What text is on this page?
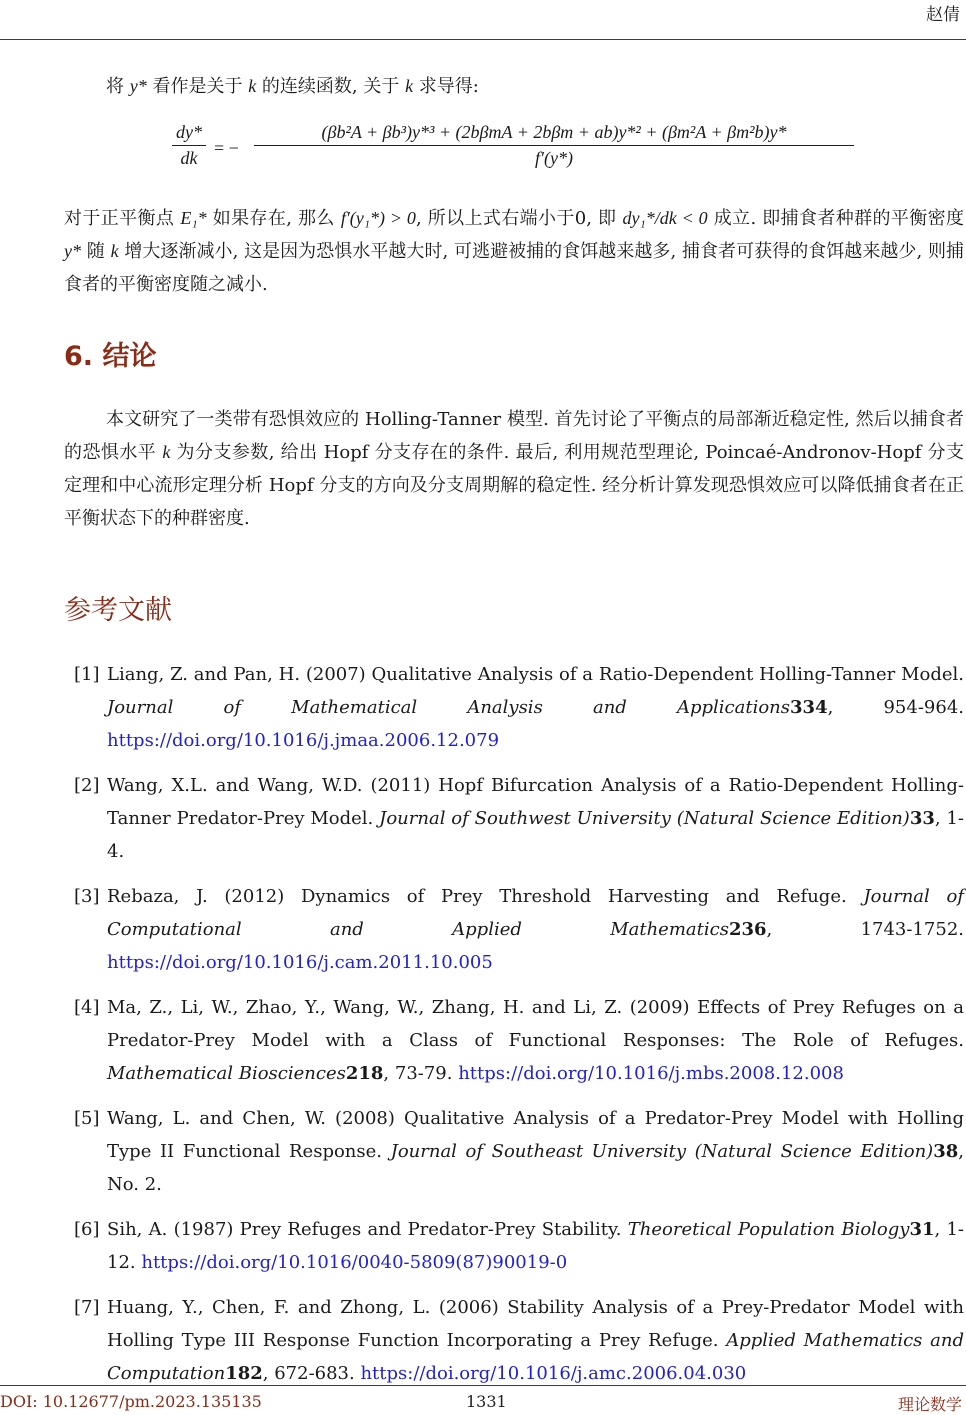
赵倩

将 y* 看作是关于 k 的连续函数, 关于 k 求导得:

$\frac{dy*}{dk}$ = −
(βb²A + βb³)y*³ + (2bβmA + 2bβm + ab)y*² + (βm²A + βm²b)y*
f′(y*)

对于正平衡点 E₁* 如果存在, 那么 f′(y₁*) > 0, 所以上式右端小于0, 即 dy₁*/dk < 0 成立. 即捕食者种群的平衡密度 y* 随 k 增大逐渐减小, 这是因为恐惧水平越大时, 可逃避被捕的食饵越来越多, 捕食者可获得的食饵越来越少, 则捕食者的平衡密度随之减小.

6. 结论

本文研究了一类带有恐惧效应的 Holling-Tanner 模型. 首先讨论了平衡点的局部渐近稳定性, 然后以捕食者的恐惧水平 k 为分支参数, 给出 Hopf 分支存在的条件. 最后, 利用规范型理论, Poincaé-Andronov-Hopf 分支定理和中心流形定理分析 Hopf 分支的方向及分支周期解的稳定性. 经分析计算发现恐惧效应可以降低捕食者在正平衡状态下的种群密度.

参考文献
[1] Liang, Z. and Pan, H. (2007) Qualitative Analysis of a Ratio-Dependent Holling-Tanner Model. Journal of Mathematical Analysis and Applications334, 954-964. https://doi.org/10.1016/j.jmaa.2006.12.079
[2] Wang, X.L. and Wang, W.D. (2011) Hopf Bifurcation Analysis of a Ratio-Dependent Holling-Tanner Predator-Prey Model. Journal of Southwest University (Natural Science Edition)33, 1-4.
[3] Rebaza, J. (2012) Dynamics of Prey Threshold Harvesting and Refuge. Journal of Computational and Applied Mathematics236, 1743-1752. https://doi.org/10.1016/j.cam.2011.10.005
[4] Ma, Z., Li, W., Zhao, Y., Wang, W., Zhang, H. and Li, Z. (2009) Effects of Prey Refuges on a Predator-Prey Model with a Class of Functional Responses: The Role of Refuges. Mathematical Biosciences218, 73-79. https://doi.org/10.1016/j.mbs.2008.12.008
[5] Wang, L. and Chen, W. (2008) Qualitative Analysis of a Predator-Prey Model with Holling Type II Functional Response. Journal of Southeast University (Natural Science Edition)38, No. 2.
[6] Sih, A. (1987) Prey Refuges and Predator-Prey Stability. Theoretical Population Biology31, 1-12. https://doi.org/10.1016/0040-5809(87)90019-0
[7] Huang, Y., Chen, F. and Zhong, L. (2006) Stability Analysis of a Prey-Predator Model with Holling Type III Response Function Incorporating a Prey Refuge. Applied Mathematics and Computation182, 672-683. https://doi.org/10.1016/j.amc.2006.04.030
DOI: 10.12677/pm.2023.135135	1331	理论数学
